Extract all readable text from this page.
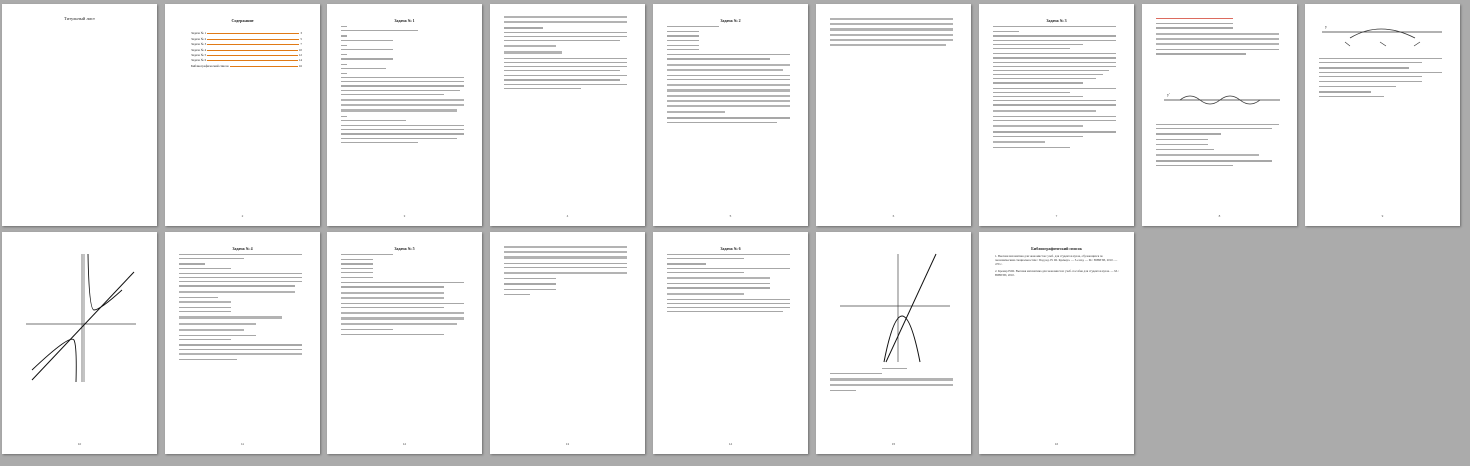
Титульный лист	Содержание
Задача № 1	3
Задача № 2	5
Задача № 3	7
Задача № 4	10
Задача № 5	12
Задача № 6	14
Библиографический список	16
2
Задача № 1
3	4
Задача № 2
5	6
Задача № 3
7
y'
8
y
9
10
Задача № 4
11
Задача № 5
12	13
Задача № 6
14	15
Библиографический список
1. Высшая математика для экономистов: учеб. для студентов вузов, обучающихся по экономическим специальностям / Под ред. Н. Ш. Кремера. — 3-е изд. — М.: ЮНИТИ, 2010. — 479 с.
2. Кремер Н.Ш. Высшая математика для экономистов: учеб. пособие для студентов вузов. — М.: ЮНИТИ, 2010.
16
